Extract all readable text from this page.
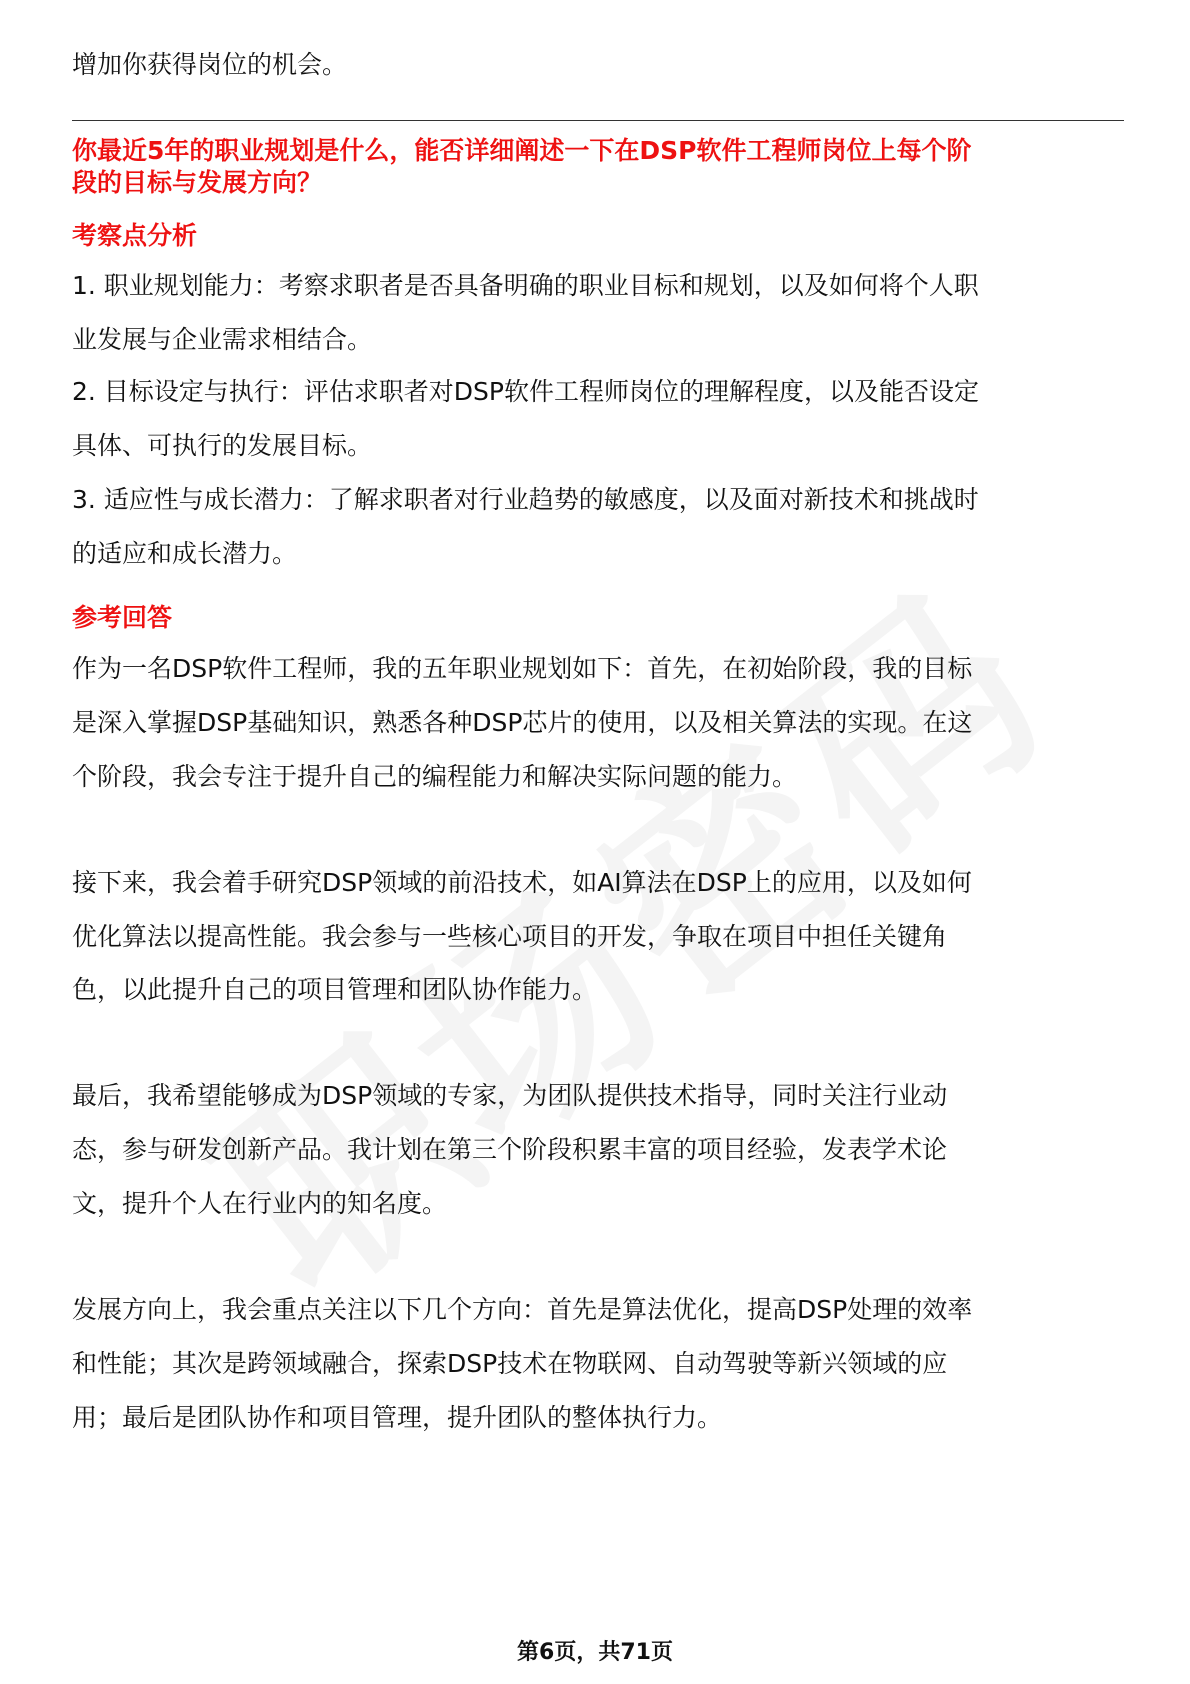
增加你获得岗位的机会。
你最近5年的职业规划是什么，能否详细阐述一下在DSP软件工程师岗位上每个阶
段的目标与发展方向？
考察点分析
1. 职业规划能力：考察求职者是否具备明确的职业目标和规划，以及如何将个人职
业发展与企业需求相结合。
2. 目标设定与执行：评估求职者对DSP软件工程师岗位的理解程度，以及能否设定
具体、可执行的发展目标。
3. 适应性与成长潜力：了解求职者对行业趋势的敏感度，以及面对新技术和挑战时
的适应和成长潜力。
参考回答
作为一名DSP软件工程师，我的五年职业规划如下：首先，在初始阶段，我的目标
是深入掌握DSP基础知识，熟悉各种DSP芯片的使用，以及相关算法的实现。在这
个阶段，我会专注于提升自己的编程能力和解决实际问题的能力。
接下来，我会着手研究DSP领域的前沿技术，如AI算法在DSP上的应用，以及如何
优化算法以提高性能。我会参与一些核心项目的开发，争取在项目中担任关键角
色，以此提升自己的项目管理和团队协作能力。
最后，我希望能够成为DSP领域的专家，为团队提供技术指导，同时关注行业动
态，参与研发创新产品。我计划在第三个阶段积累丰富的项目经验，发表学术论
文，提升个人在行业内的知名度。
发展方向上，我会重点关注以下几个方向：首先是算法优化，提高DSP处理的效率
和性能；其次是跨领域融合，探索DSP技术在物联网、自动驾驶等新兴领域的应
用；最后是团队协作和项目管理，提升团队的整体执行力。
第6页，共71页
